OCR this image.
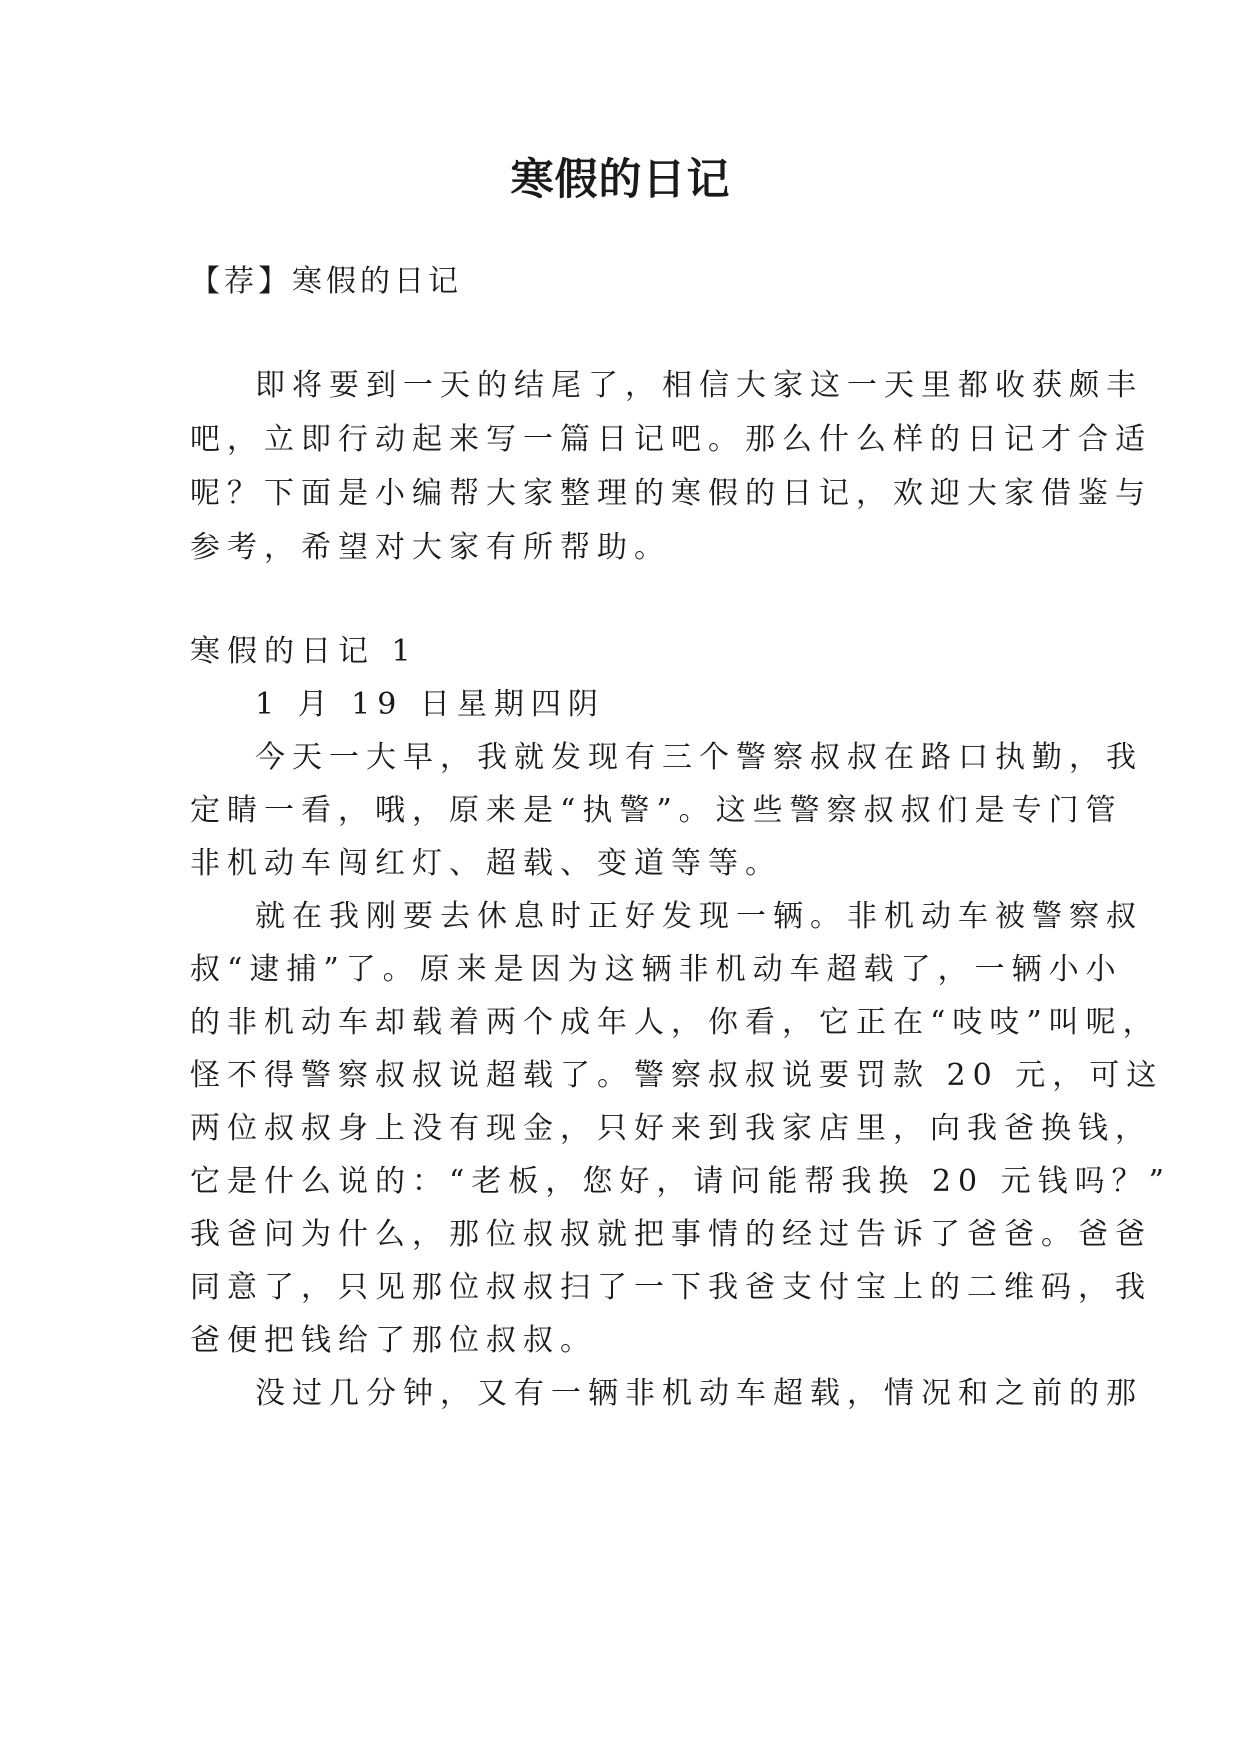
寒假的日记
【荐】寒假的日记
即将要到一天的结尾了，相信大家这一天里都收获颇丰
吧，立即行动起来写一篇日记吧。那么什么样的日记才合适
呢？下面是小编帮大家整理的寒假的日记，欢迎大家借鉴与
参考，希望对大家有所帮助。
寒假的日记 1
1 月 19 日星期四阴
今天一大早，我就发现有三个警察叔叔在路口执勤，我
定睛一看，哦，原来是“执警”。这些警察叔叔们是专门管
非机动车闯红灯、超载、变道等等。
就在我刚要去休息时正好发现一辆。非机动车被警察叔
叔“逮捕”了。原来是因为这辆非机动车超载了，一辆小小
的非机动车却载着两个成年人，你看，它正在“吱吱”叫呢，
怪不得警察叔叔说超载了。警察叔叔说要罚款 20 元，可这
两位叔叔身上没有现金，只好来到我家店里，向我爸换钱，
它是什么说的：“老板，您好，请问能帮我换 20 元钱吗？”
我爸问为什么，那位叔叔就把事情的经过告诉了爸爸。爸爸
同意了，只见那位叔叔扫了一下我爸支付宝上的二维码，我
爸便把钱给了那位叔叔。
没过几分钟，又有一辆非机动车超载，情况和之前的那
